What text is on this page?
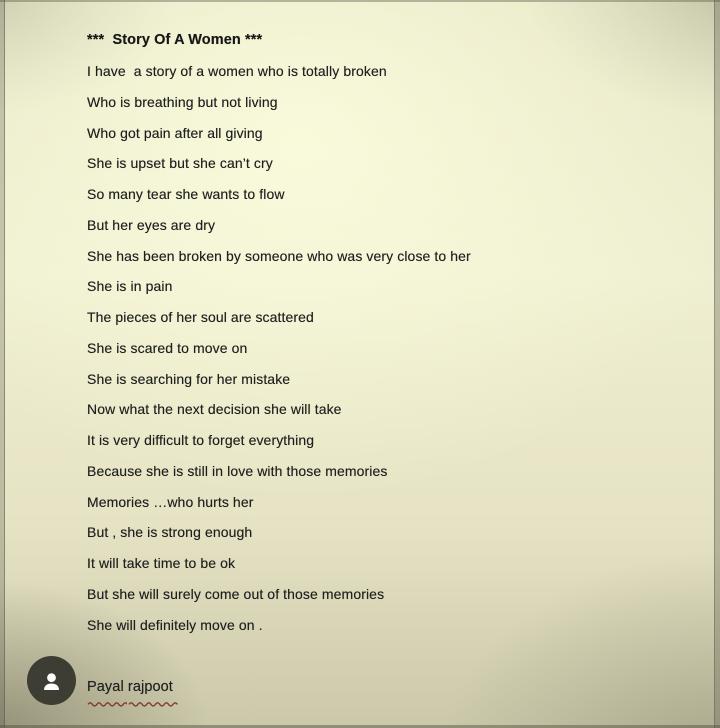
***  Story Of A Women ***
I have  a story of a women who is totally broken
Who is breathing but not living
Who got pain after all giving
She is upset but she can’t cry
So many tear she wants to flow
But her eyes are dry
She has been broken by someone who was very close to her
She is in pain
The pieces of her soul are scattered
She is scared to move on
She is searching for her mistake
Now what the next decision she will take
It is very difficult to forget everything
Because she is still in love with those memories
Memories …who hurts her
But , she is strong enough
It will take time to be ok
But she will surely come out of those memories
She will definitely move on .
Payal rajpoot
